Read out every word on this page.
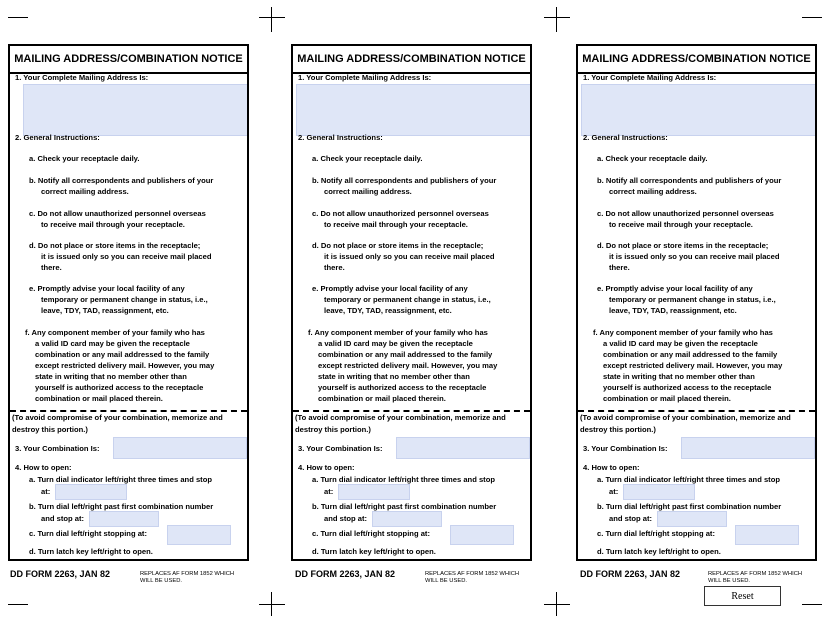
MAILING ADDRESS/COMBINATION NOTICE
1. Your Complete Mailing Address Is:
2. General Instructions:
a. Check your receptacle daily.
b. Notify all correspondents and publishers of your
correct mailing address.
c. Do not allow unauthorized personnel overseas
to receive mail through your receptacle.
d. Do not place or store items in the receptacle;
it is issued only so you can receive mail placed
there.
e. Promptly advise your local facility of any
temporary or permanent change in status, i.e.,
leave, TDY, TAD, reassignment, etc.
f. Any component member of your family who has
a valid ID card may be given the receptacle
combination or any mail addressed to the family
except restricted delivery mail. However, you may
state in writing that no member other than
yourself is authorized access to the receptacle
combination or mail placed therein.
(To avoid compromise of your combination, memorize and
destroy this portion.)
3. Your Combination Is:
4. How to open:
a. Turn dial indicator left/right three times and stop
at:
b. Turn dial left/right past first combination number
and stop at:
c. Turn dial left/right stopping at:
d. Turn latch key left/right to open.
DD FORM 2263, JAN 82	REPLACES AF FORM 1852 WHICH
WILL BE USED.
MAILING ADDRESS/COMBINATION NOTICE
1. Your Complete Mailing Address Is:
2. General Instructions:
a. Check your receptacle daily.
b. Notify all correspondents and publishers of your
correct mailing address.
c. Do not allow unauthorized personnel overseas
to receive mail through your receptacle.
d. Do not place or store items in the receptacle;
it is issued only so you can receive mail placed
there.
e. Promptly advise your local facility of any
temporary or permanent change in status, i.e.,
leave, TDY, TAD, reassignment, etc.
f. Any component member of your family who has
a valid ID card may be given the receptacle
combination or any mail addressed to the family
except restricted delivery mail. However, you may
state in writing that no member other than
yourself is authorized access to the receptacle
combination or mail placed therein.
(To avoid compromise of your combination, memorize and
destroy this portion.)
3. Your Combination Is:
4. How to open:
a. Turn dial indicator left/right three times and stop
at:
b. Turn dial left/right past first combination number
and stop at:
c. Turn dial left/right stopping at:
d. Turn latch key left/right to open.
DD FORM 2263, JAN 82	REPLACES AF FORM 1852 WHICH
WILL BE USED.
MAILING ADDRESS/COMBINATION NOTICE
1. Your Complete Mailing Address Is:
2. General Instructions:
a. Check your receptacle daily.
b. Notify all correspondents and publishers of your
correct mailing address.
c. Do not allow unauthorized personnel overseas
to receive mail through your receptacle.
d. Do not place or store items in the receptacle;
it is issued only so you can receive mail placed
there.
e. Promptly advise your local facility of any
temporary or permanent change in status, i.e.,
leave, TDY, TAD, reassignment, etc.
f. Any component member of your family who has
a valid ID card may be given the receptacle
combination or any mail addressed to the family
except restricted delivery mail. However, you may
state in writing that no member other than
yourself is authorized access to the receptacle
combination or mail placed therein.
(To avoid compromise of your combination, memorize and
destroy this portion.)
3. Your Combination Is:
4. How to open:
a. Turn dial indicator left/right three times and stop
at:
b. Turn dial left/right past first combination number
and stop at:
c. Turn dial left/right stopping at:
d. Turn latch key left/right to open.
DD FORM 2263, JAN 82	REPLACES AF FORM 1852 WHICH
WILL BE USED.
Reset
